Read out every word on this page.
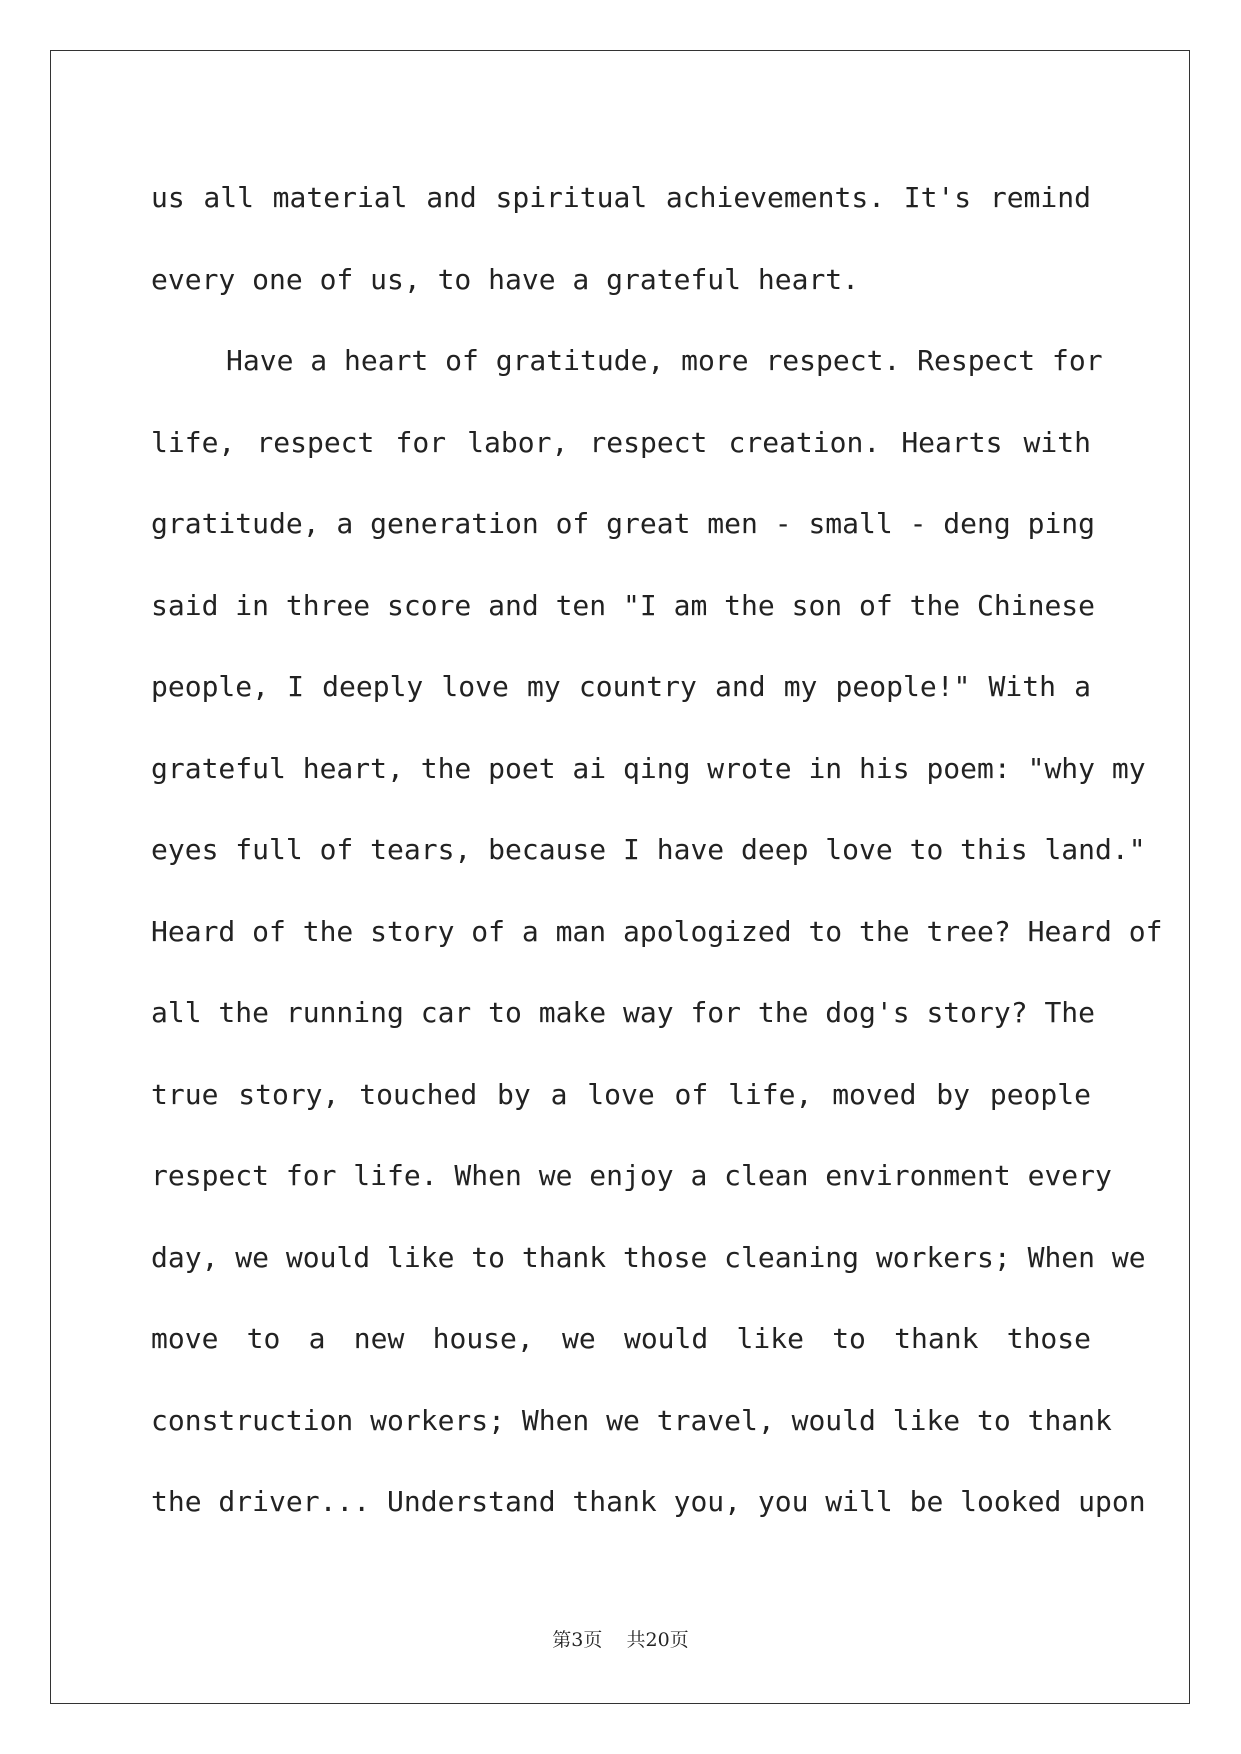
us all material and spiritual achievements. It's remind
every one of us, to have a grateful heart.
Have a heart of gratitude, more respect. Respect for
life, respect for labor, respect creation. Hearts with
gratitude, a generation of great men - small - deng ping
said in three score and ten "I am the son of the Chinese
people, I deeply love my country and my people!" With a
grateful heart, the poet ai qing wrote in his poem: "why my
eyes full of tears, because I have deep love to this land."
Heard of the story of a man apologized to the tree? Heard of
all the running car to make way for the dog's story? The
true story, touched by a love of life, moved by people
respect for life. When we enjoy a clean environment every
day, we would like to thank those cleaning workers; When we
move to a new house, we would like to thank those
construction workers; When we travel, would like to thank
the driver... Understand thank you, you will be looked upon
第3页 共20页
